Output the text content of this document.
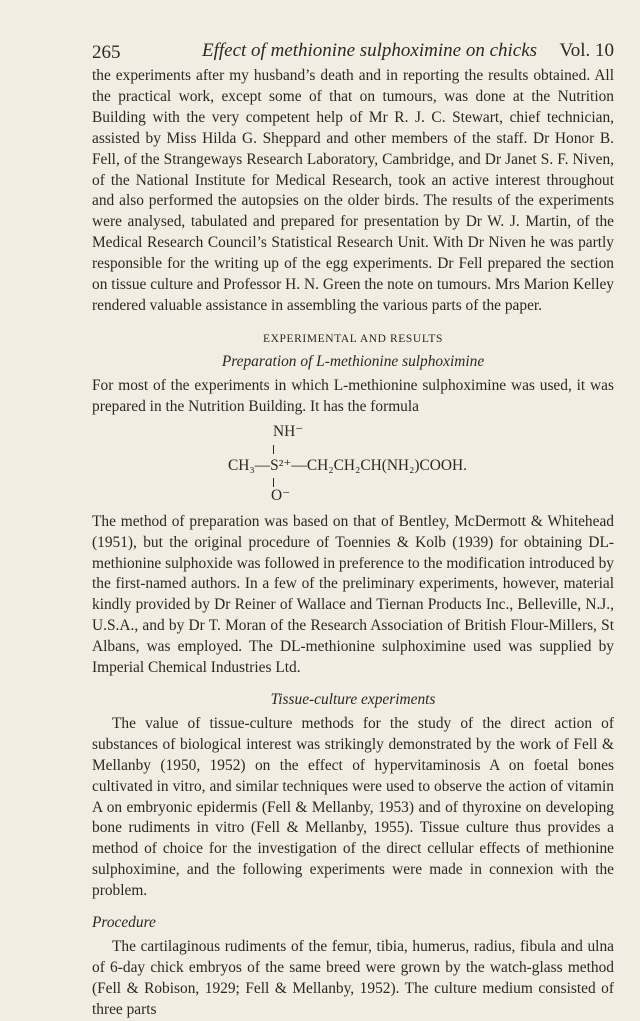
265	Effect of methionine sulphoximine on chicks Vol. 10

the experiments after my husband’s death and in reporting the results obtained. All the practical work, except some of that on tumours, was done at the Nutrition Building with the very competent help of Mr R. J. C. Stewart, chief technician, assisted by Miss Hilda G. Sheppard and other members of the staff. Dr Honor B. Fell, of the Strangeways Research Laboratory, Cambridge, and Dr Janet S. F. Niven, of the National Institute for Medical Research, took an active interest throughout and also performed the autopsies on the older birds. The results of the experiments were analysed, tabulated and prepared for presentation by Dr W. J. Martin, of the Medical Research Council’s Statistical Research Unit. With Dr Niven he was partly responsible for the writing up of the egg experiments. Dr Fell prepared the section on tissue culture and Professor H. N. Green the note on tumours. Mrs Marion Kelley rendered valuable assistance in assembling the various parts of the paper.

EXPERIMENTAL AND RESULTS
Preparation of L-methionine sulphoximine

For most of the experiments in which L-methionine sulphoximine was used, it was prepared in the Nutrition Building. It has the formula

NH⁻
CH₃—S²⁺—CH₂CH₂CH(NH₂)COOH.
O⁻

The method of preparation was based on that of Bentley, McDermott & Whitehead (1951), but the original procedure of Toennies & Kolb (1939) for obtaining DL-methionine sulphoxide was followed in preference to the modification introduced by the first-named authors. In a few of the preliminary experiments, however, material kindly provided by Dr Reiner of Wallace and Tiernan Products Inc., Belleville, N.J., U.S.A., and by Dr T. Moran of the Research Association of British Flour-Millers, St Albans, was employed. The DL-methionine sulphoximine used was supplied by Imperial Chemical Industries Ltd.

Tissue-culture experiments

The value of tissue-culture methods for the study of the direct action of substances of biological interest was strikingly demonstrated by the work of Fell & Mellanby (1950, 1952) on the effect of hypervitaminosis A on foetal bones cultivated in vitro, and similar techniques were used to observe the action of vitamin A on embryonic epidermis (Fell & Mellanby, 1953) and of thyroxine on developing bone rudiments in vitro (Fell & Mellanby, 1955). Tissue culture thus provides a method of choice for the investigation of the direct cellular effects of methionine sulphoximine, and the following experiments were made in connexion with the problem.

Procedure

The cartilaginous rudiments of the femur, tibia, humerus, radius, fibula and ulna of 6-day chick embryos of the same breed were grown by the watch-glass method (Fell & Robison, 1929; Fell & Mellanby, 1952). The culture medium consisted of three parts
